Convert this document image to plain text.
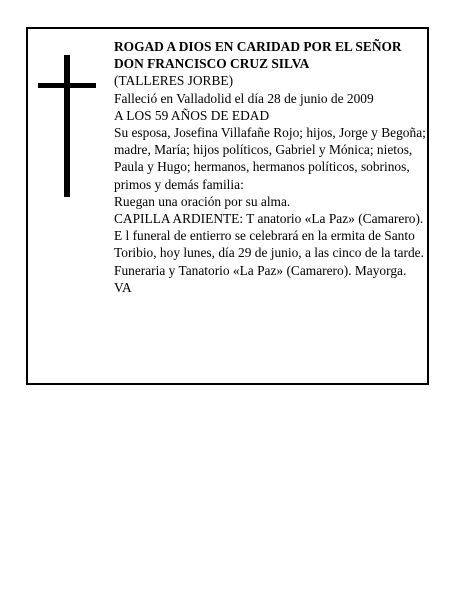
ROGAD A DIOS EN CARIDAD POR EL SEÑOR

DON FRANCISCO CRUZ SILVA

(TALLERES JORBE)

Falleció en Valladolid el día 28 de junio de 2009

A LOS 59 AÑOS DE EDAD

Su esposa, Josefina Villafañe Rojo; hijos, Jorge y Begoña; madre, María; hijos políticos, Gabriel y Mónica; nietos, Paula y Hugo; hermanos, hermanos políticos, sobrinos, primos y demás familia:

Ruegan una oración por su alma.

CAPILLA ARDIENTE: T anatorio «La Paz» (Camarero).

E l funeral de entierro se celebrará en la ermita de Santo Toribio, hoy lunes, día 29 de junio, a las cinco de la tarde.

Funeraria y Tanatorio «La Paz» (Camarero). Mayorga. VA
